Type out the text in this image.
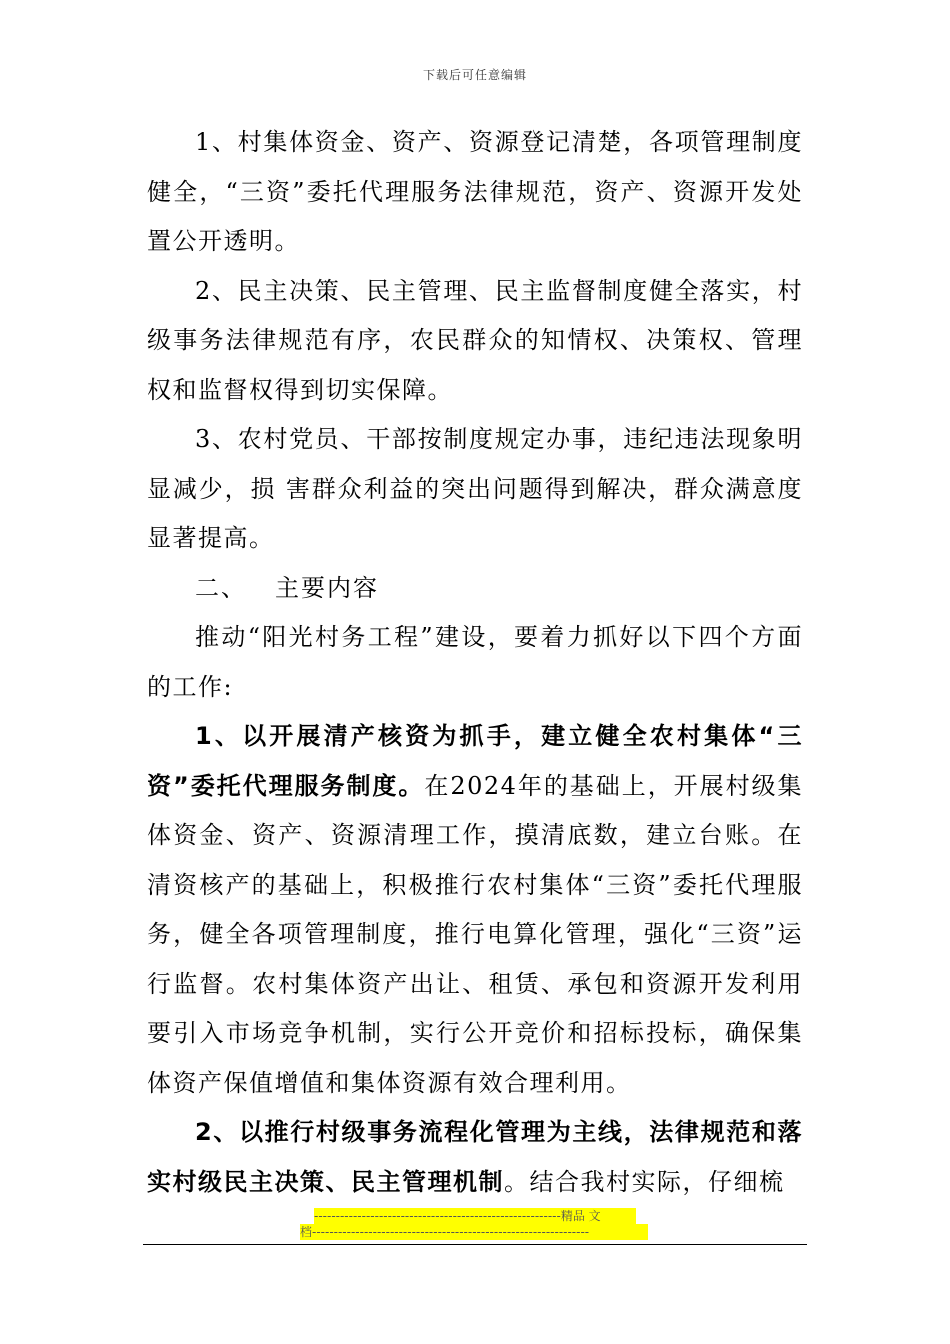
下载后可任意编辑

1、村集体资金、资产、资源登记清楚，各项管理制度健全，“三资”委托代理服务法律规范，资产、资源开发处置公开透明。

2、民主决策、民主管理、民主监督制度健全落实，村级事务法律规范有序，农民群众的知情权、决策权、管理权和监督权得到切实保障。

3、农村党员、干部按制度规定办事，违纪违法现象明显减少，损 害群众利益的突出问题得到解决，群众满意度显著提高。

二、 主要内容

推动“阳光村务工程”建设，要着力抓好以下四个方面的工作:

1、以开展清产核资为抓手，建立健全农村集体“三资”委托代理服务制度。在2024年的基础上，开展村级集体资金、资产、资源清理工作，摸清底数，建立台账。在清资核产的基础上，积极推行农村集体“三资”委托代理服务，健全各项管理制度，推行电算化管理，强化“三资”运行监督。农村集体资产出让、租赁、承包和资源开发利用要引入市场竞争机制，实行公开竞价和招标投标，确保集体资产保值增值和集体资源有效合理利用。

2、以推行村级事务流程化管理为主线，法律规范和落实村级民主决策、民主管理机制。结合我村实际，仔细梳

---------------------------------------------------------精品 文
档----------------------------------------------------------------
